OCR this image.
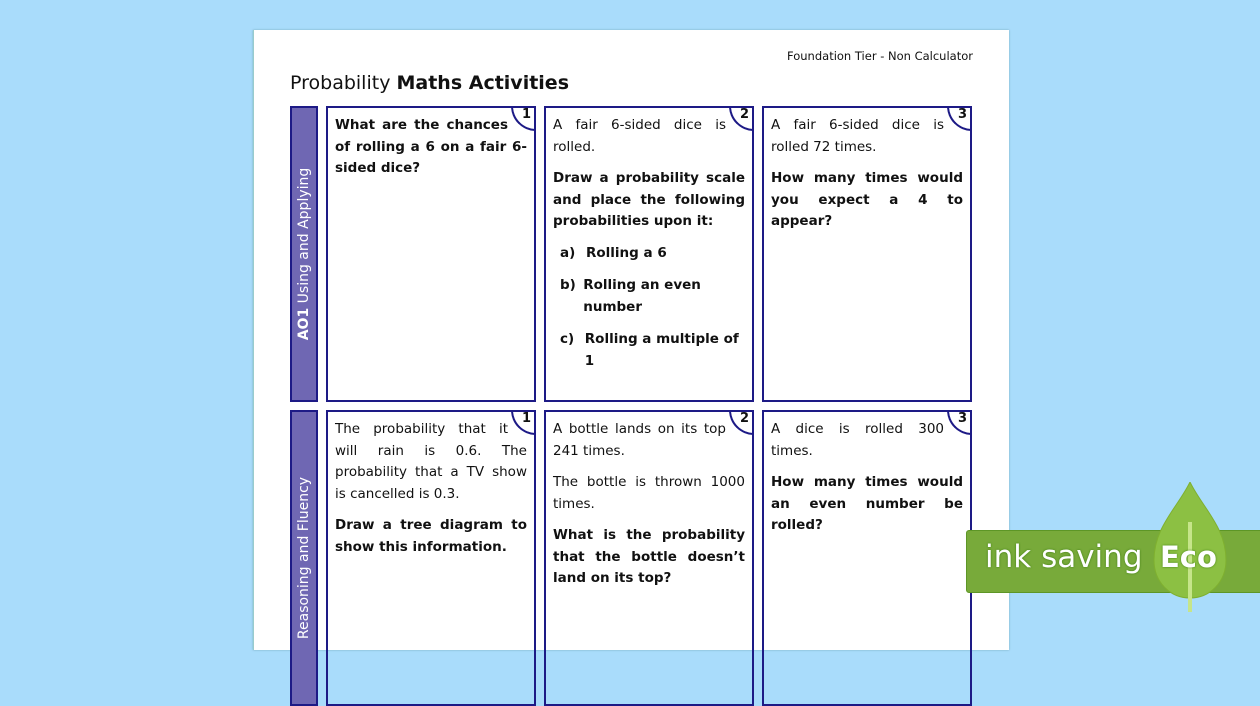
Foundation Tier - Non Calculator
Probability Maths Activities
AO1 Using and Applying
1

What are the chances of rolling a 6 on a fair 6-sided dice?

2

A fair 6-sided dice is rolled.

Draw a probability scale and place the following probabilities upon it:

a) Rolling a 6
b) Rolling an even number
c) Rolling a multiple of 1
3

A fair 6-sided dice is rolled 72 times.

How many times would you expect a 4 to appear?

Reasoning and Fluency
1

The probability that it will rain is 0.6. The probability that a TV show is cancelled is 0.3.

Draw a tree diagram to show this information.

2

A bottle lands on its top 241 times.

The bottle is thrown 1000 times.

What is the probability that the bottle doesn’t land on its top?

3

A dice is rolled 300 times.

How many times would an even number be rolled?

ink saving Eco
